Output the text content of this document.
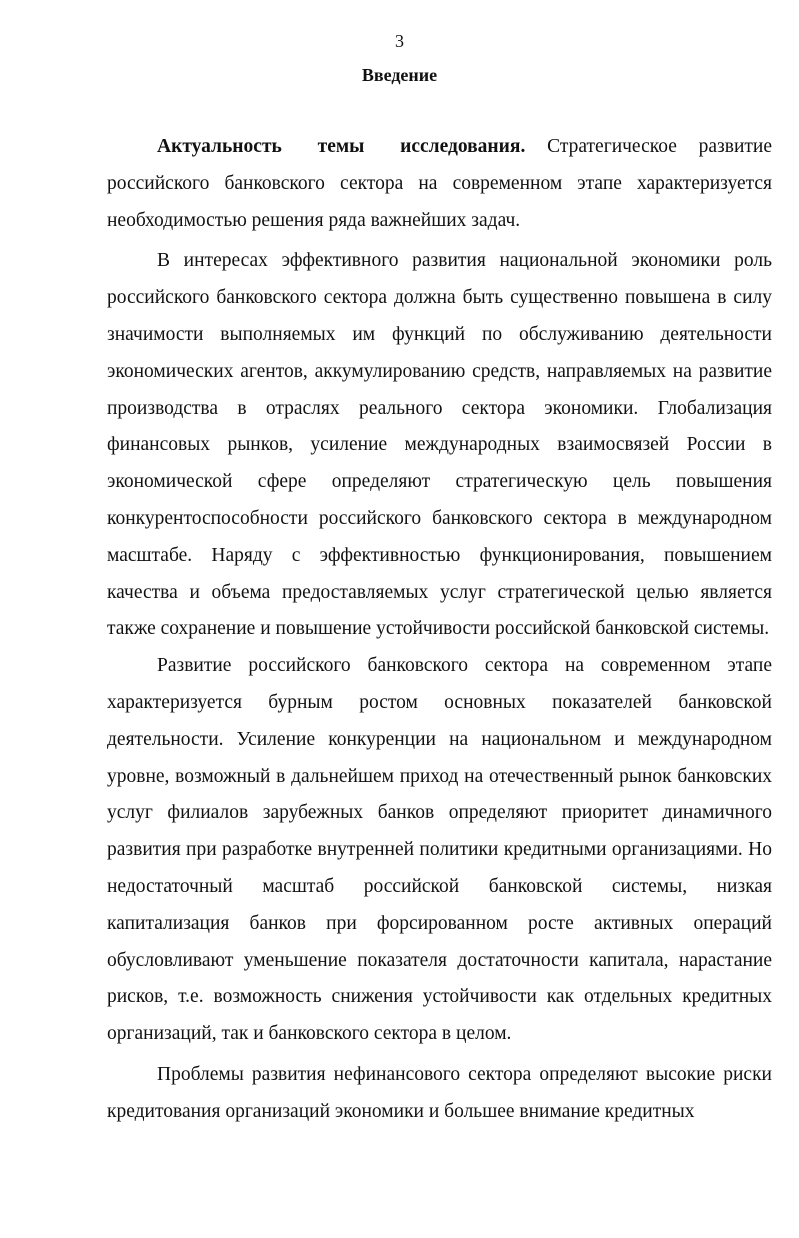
3
Введение

Актуальность темы исследования. Стратегическое развитие российского банковского сектора на современном этапе характеризуется необходимостью решения ряда важнейших задач.

В интересах эффективного развития национальной экономики роль российского банковского сектора должна быть существенно повышена в силу значимости выполняемых им функций по обслуживанию деятельности экономических агентов, аккумулированию средств, направляемых на развитие производства в отраслях реального сектора экономики. Глобализация финансовых рынков, усиление международных взаимосвязей России в экономической сфере определяют стратегическую цель повышения конкурентоспособности российского банковского сектора в международном масштабе. Наряду с эффективностью функционирования, повышением качества и объема предоставляемых услуг стратегической целью является также сохранение и повышение устойчивости российской банковской системы.

Развитие российского банковского сектора на современном этапе характеризуется бурным ростом основных показателей банковской деятельности. Усиление конкуренции на национальном и международном уровне, возможный в дальнейшем приход на отечественный рынок банковских услуг филиалов зарубежных банков определяют приоритет динамичного развития при разработке внутренней политики кредитными организациями. Но недостаточный масштаб российской банковской системы, низкая капитализация банков при форсированном росте активных операций обусловливают уменьшение показателя достаточности капитала, нарастание рисков, т.е. возможность снижения устойчивости как отдельных кредитных организаций, так и банковского сектора в целом.

Проблемы развития нефинансового сектора определяют высокие риски кредитования организаций экономики и большее внимание кредитных
